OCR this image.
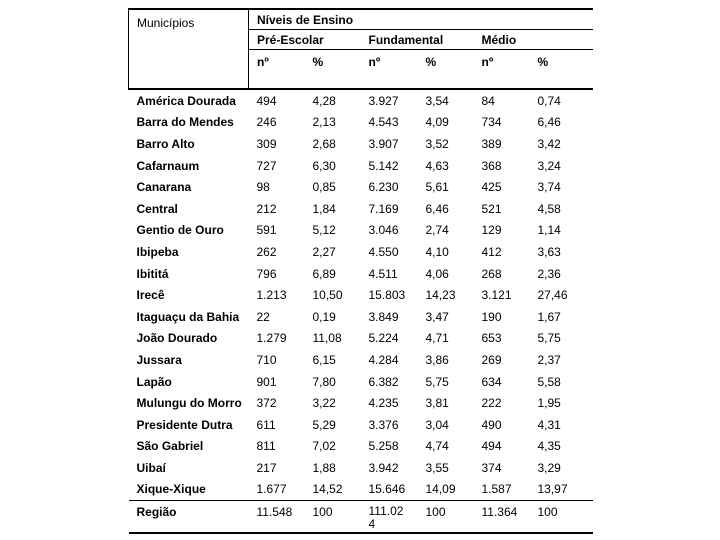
Municípios	Níveis de Ensino					
	Pré-Escolar		Fundamental		Médio	
	nº	%	nº	%	nº	%
América Dourada	494	4,28	3.927	3,54	84	0,74
Barra do Mendes	246	2,13	4.543	4,09	734	6,46
Barro Alto	309	2,68	3.907	3,52	389	3,42
Cafarnaum	727	6,30	5.142	4,63	368	3,24
Canarana	98	0,85	6.230	5,61	425	3,74
Central	212	1,84	7.169	6,46	521	4,58
Gentio de Ouro	591	5,12	3.046	2,74	129	1,14
Ibipeba	262	2,27	4.550	4,10	412	3,63
Ibititá	796	6,89	4.511	4,06	268	2,36
Irecê	1.213	10,50	15.803	14,23	3.121	27,46
Itaguaçu da Bahia	22	0,19	3.849	3,47	190	1,67
João Dourado	1.279	11,08	5.224	4,71	653	5,75
Jussara	710	6,15	4.284	3,86	269	2,37
Lapão	901	7,80	6.382	5,75	634	5,58
Mulungu do Morro	372	3,22	4.235	3,81	222	1,95
Presidente Dutra	611	5,29	3.376	3,04	490	4,31
São Gabriel	811	7,02	5.258	4,74	494	4,35
Uibaí	217	1,88	3.942	3,55	374	3,29
Xique-Xique	1.677	14,52	15.646	14,09	1.587	13,97
Região	11.548	100	111.024	100	11.364	100
